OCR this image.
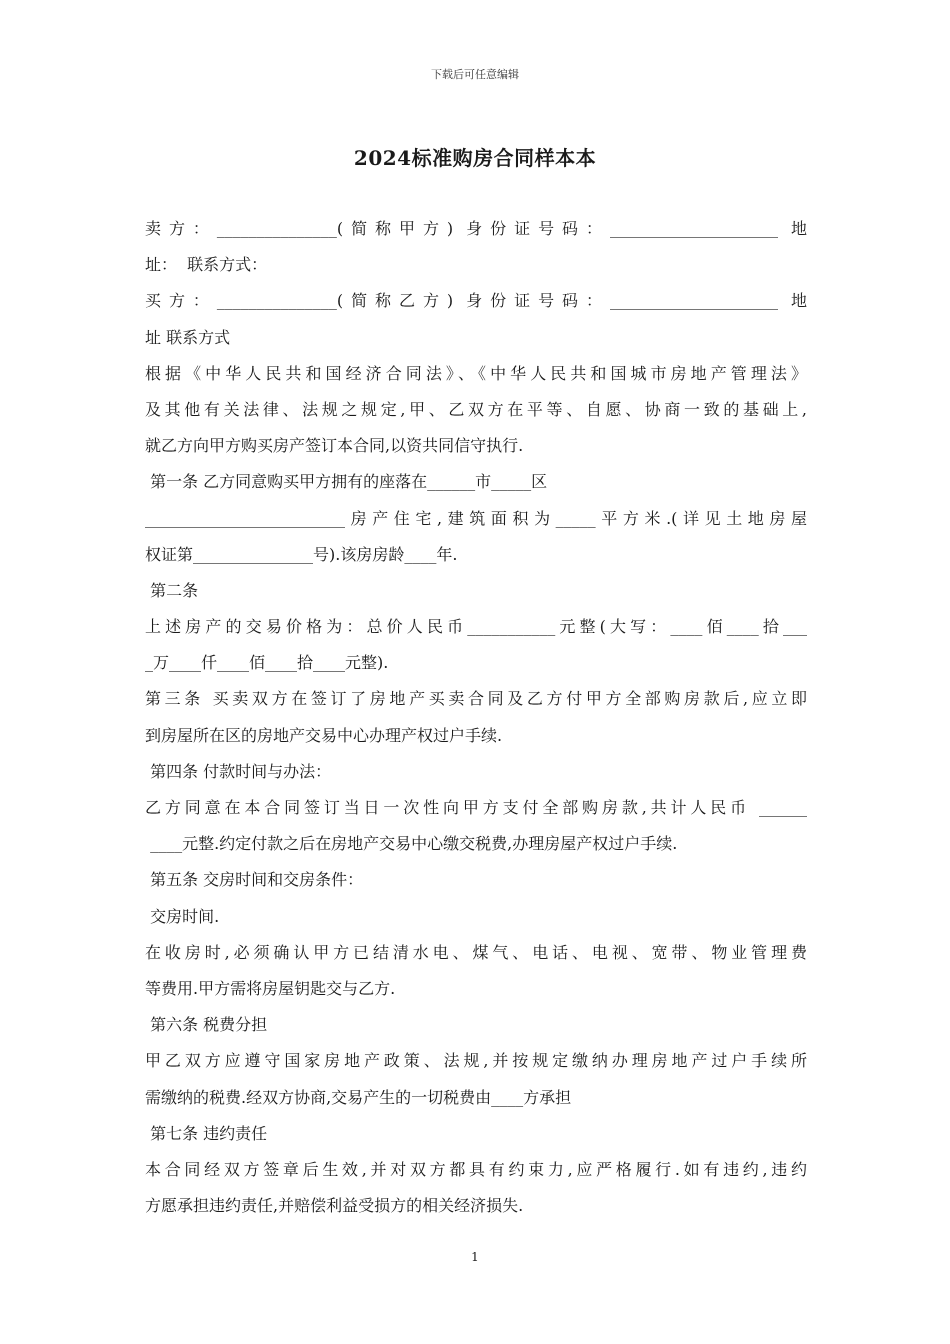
下载后可任意编辑
2024标准购房合同样本本
卖方：_______________(简称甲方) 身份证号码：_____________________ 地
址：  联系方式：
买方：_______________(简称乙方) 身份证号码：_____________________ 地
址 联系方式
根据《中华人民共和国经济合同法》、《中华人民共和国城市房地产管理法》
及其他有关法律、法规之规定,甲、乙双方在平等、自愿、协商一致的基础上,
就乙方向甲方购买房产签订本合同,以资共同信守执行.
第一条 乙方同意购买甲方拥有的座落在______市_____区
_________________________房产住宅,建筑面积为_____平方米.(详见土地房屋
权证第_______________号).该房房龄____年.
第二条
上述房产的交易价格为：总价人民币___________元整(大写：____佰____拾___
_万____仟____佰____拾____元整).
第三条 买卖双方在签订了房地产买卖合同及乙方付甲方全部购房款后,应立即
到房屋所在区的房地产交易中心办理产权过户手续.
第四条 付款时间与办法：
乙方同意在本合同签订当日一次性向甲方支付全部购房款,共计人民币 ______
____元整.约定付款之后在房地产交易中心缴交税费,办理房屋产权过户手续.
第五条 交房时间和交房条件：
交房时间.
在收房时,必须确认甲方已结清水电、煤气、电话、电视、宽带、物业管理费
等费用.甲方需将房屋钥匙交与乙方.
第六条 税费分担
甲乙双方应遵守国家房地产政策、法规,并按规定缴纳办理房地产过户手续所
需缴纳的税费.经双方协商,交易产生的一切税费由____方承担
第七条 违约责任
本合同经双方签章后生效,并对双方都具有约束力,应严格履行.如有违约,违约
方愿承担违约责任,并赔偿利益受损方的相关经济损失.
1
